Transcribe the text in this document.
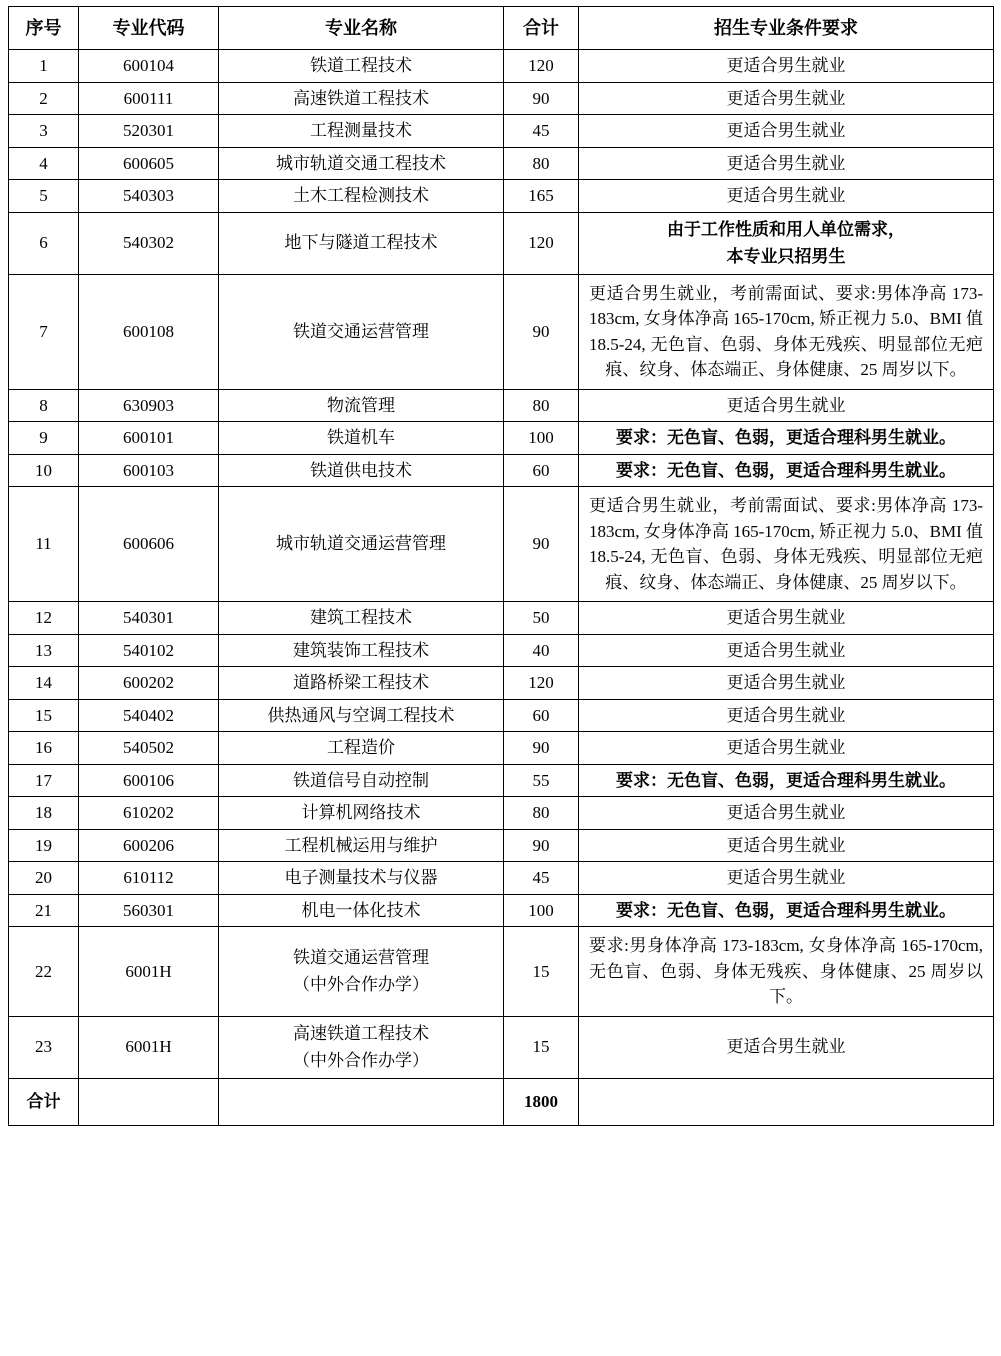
序号	专业代码	专业名称	合计	招生专业条件要求
1	600104	铁道工程技术	120	更适合男生就业
2	600111	高速铁道工程技术	90	更适合男生就业
3	520301	工程测量技术	45	更适合男生就业
4	600605	城市轨道交通工程技术	80	更适合男生就业
5	540303	土木工程检测技术	165	更适合男生就业
6	540302	地下与隧道工程技术	120	由于工作性质和用人单位需求，
本专业只招男生

7	600108	铁道交通运营管理	90	更适合男生就业，考前需面试、要求:男体净高 173-183cm, 女身体净高 165-170cm, 矫正视力 5.0、BMI 值 18.5-24, 无色盲、色弱、身体无残疾、明显部位无疤痕、纹身、体态端正、身体健康、25 周岁以下。
8	630903	物流管理	80	更适合男生就业
9	600101	铁道机车	100	要求：无色盲、色弱，更适合理科男生就业。
10	600103	铁道供电技术	60	要求：无色盲、色弱，更适合理科男生就业。
11	600606	城市轨道交通运营管理	90	更适合男生就业，考前需面试、要求:男体净高 173-183cm, 女身体净高 165-170cm, 矫正视力 5.0、BMI 值 18.5-24, 无色盲、色弱、身体无残疾、明显部位无疤痕、纹身、体态端正、身体健康、25 周岁以下。
12	540301	建筑工程技术	50	更适合男生就业
13	540102	建筑装饰工程技术	40	更适合男生就业
14	600202	道路桥梁工程技术	120	更适合男生就业
15	540402	供热通风与空调工程技术	60	更适合男生就业
16	540502	工程造价	90	更适合男生就业
17	600106	铁道信号自动控制	55	要求：无色盲、色弱，更适合理科男生就业。
18	610202	计算机网络技术	80	更适合男生就业
19	600206	工程机械运用与维护	90	更适合男生就业
20	610112	电子测量技术与仪器	45	更适合男生就业
21	560301	机电一体化技术	100	要求：无色盲、色弱，更适合理科男生就业。
22	6001H	铁道交通运营管理
（中外合作办学）	15	要求:男身体净高 173-183cm, 女身体净高 165-170cm, 无色盲、色弱、身体无残疾、身体健康、25 周岁以下。
23	6001H	高速铁道工程技术
（中外合作办学）	15	更适合男生就业
合计			1800	
